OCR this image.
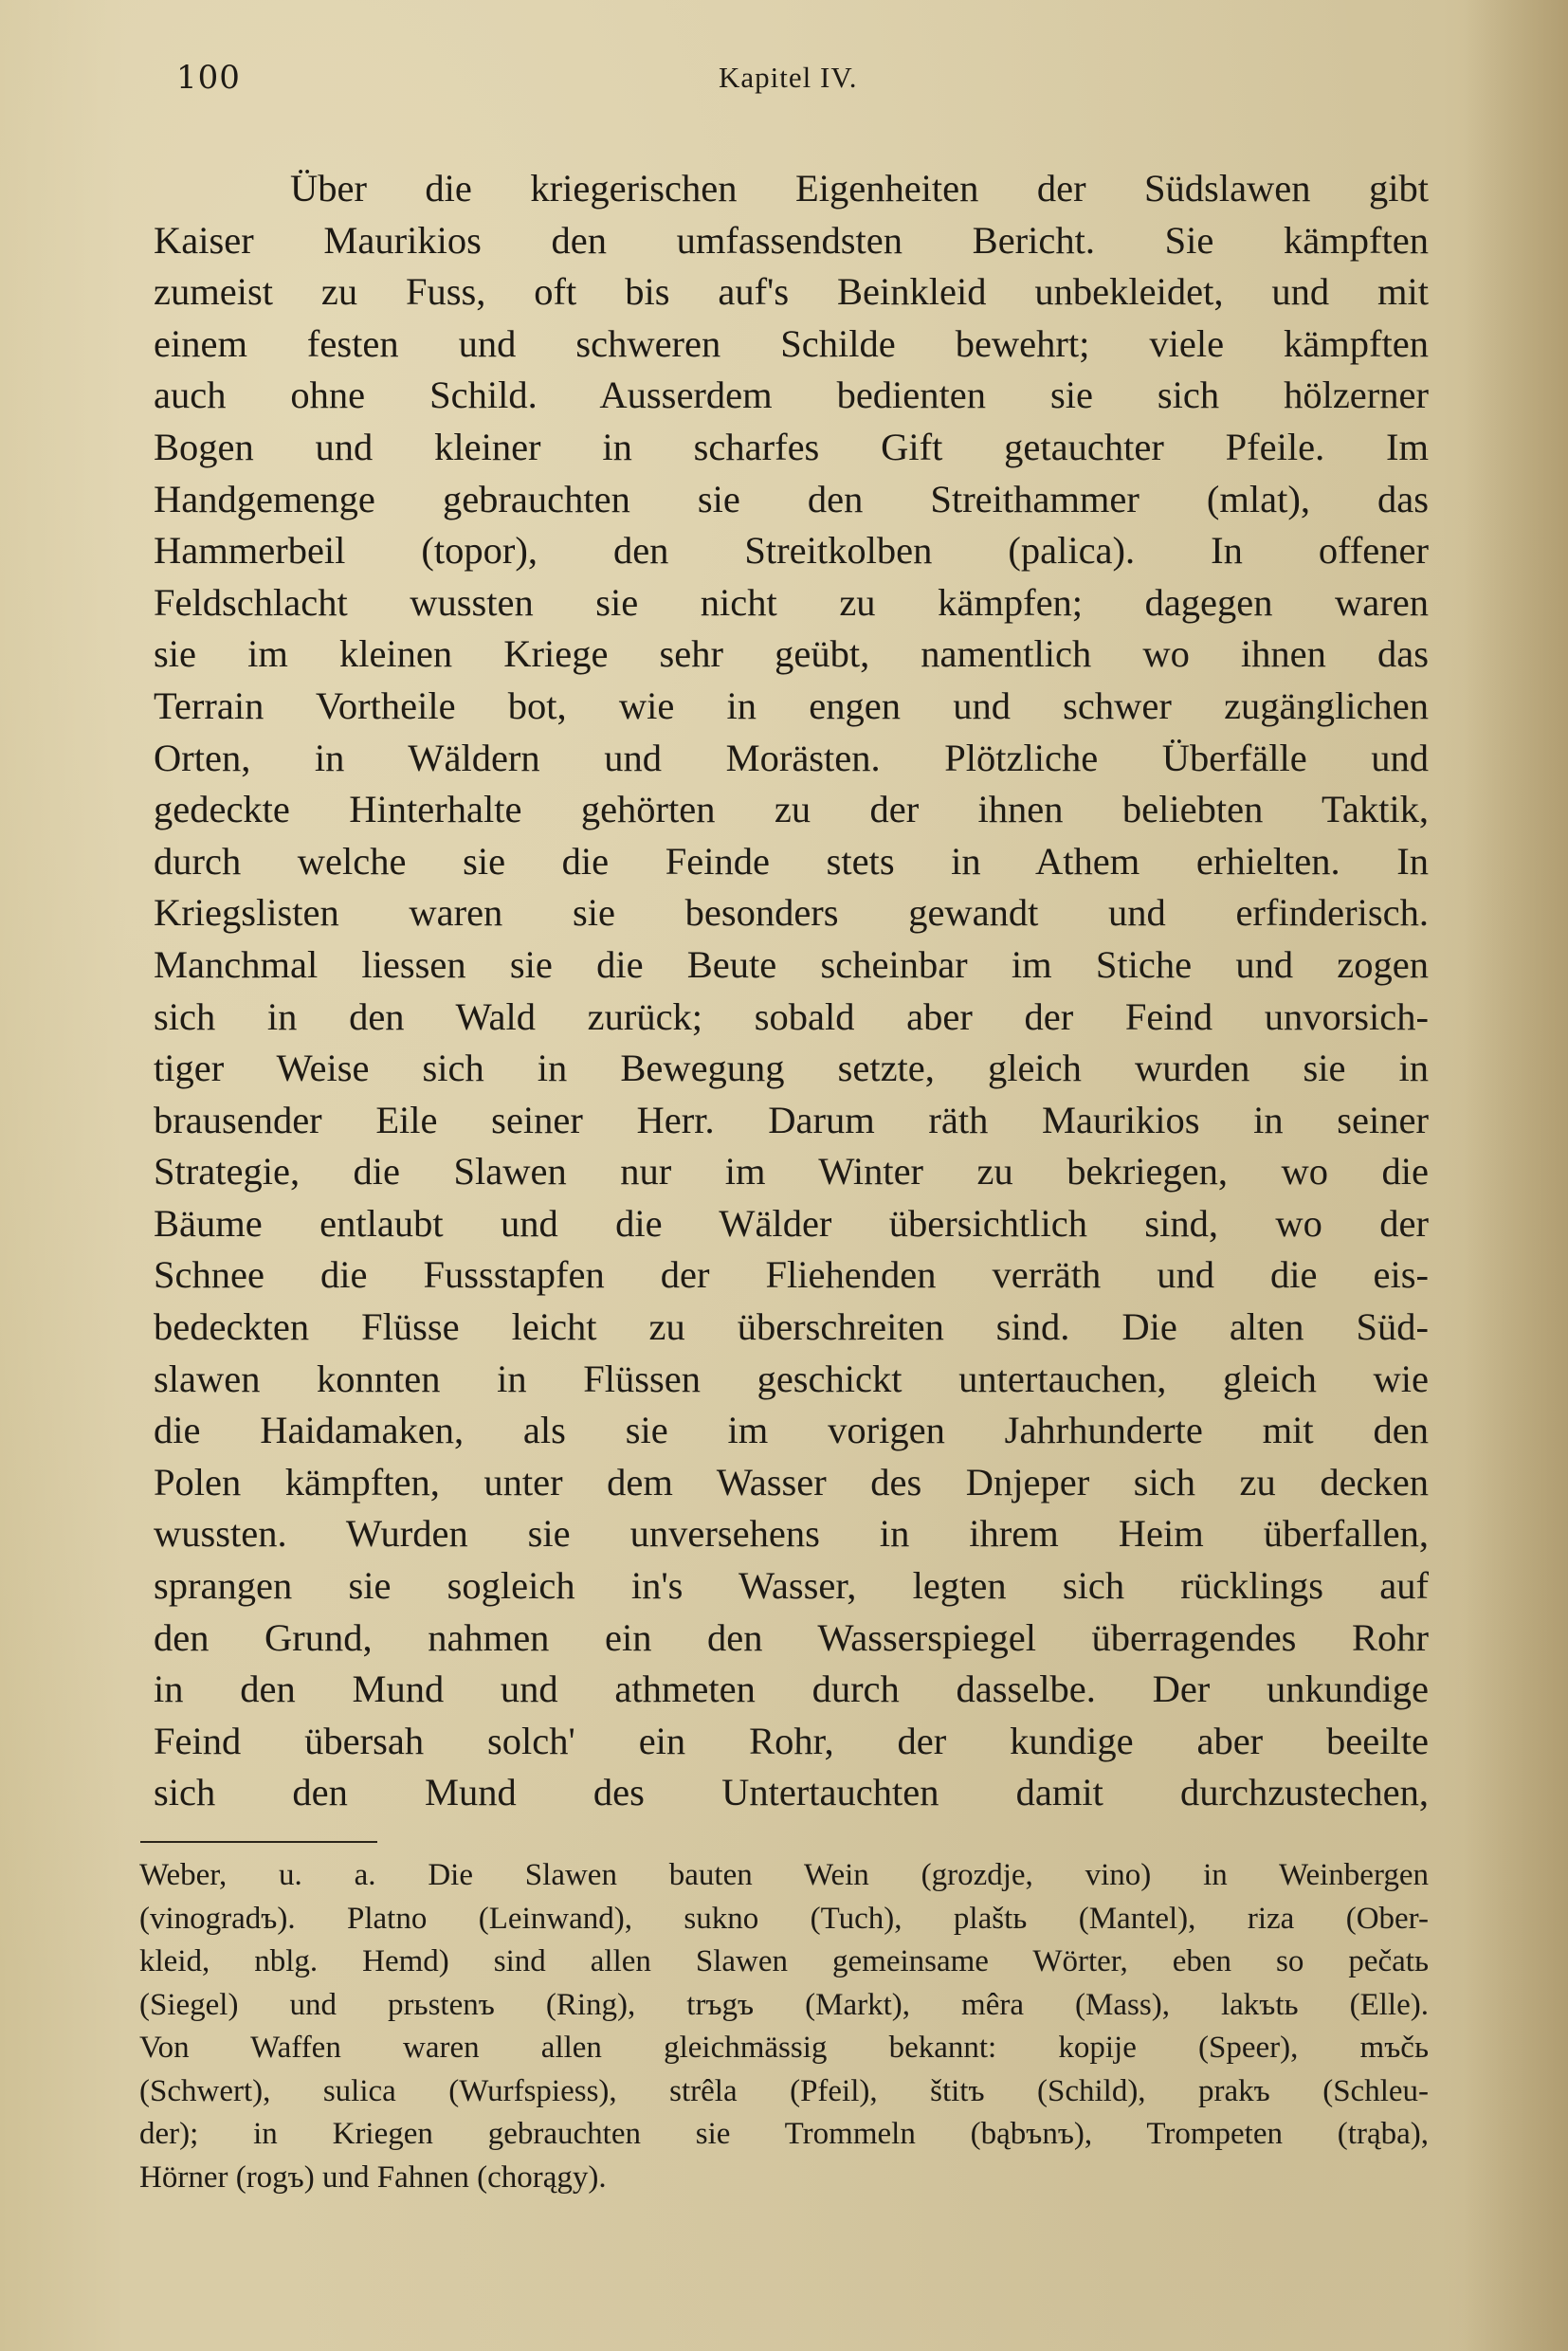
100	Kapitel IV.
Über die kriegerischen Eigenheiten der Südslawen gibt
Kaiser Maurikios den umfassendsten Bericht. Sie kämpften
zumeist zu Fuss, oft bis auf's Beinkleid unbekleidet, und mit
einem festen und schweren Schilde bewehrt; viele kämpften
auch ohne Schild. Ausserdem bedienten sie sich hölzerner
Bogen und kleiner in scharfes Gift getauchter Pfeile. Im
Handgemenge gebrauchten sie den Streithammer (mlat), das
Hammerbeil (topor), den Streitkolben (palica). In offener
Feldschlacht wussten sie nicht zu kämpfen; dagegen waren
sie im kleinen Kriege sehr geübt, namentlich wo ihnen das
Terrain Vortheile bot, wie in engen und schwer zugänglichen
Orten, in Wäldern und Morästen. Plötzliche Überfälle und
gedeckte Hinterhalte gehörten zu der ihnen beliebten Taktik,
durch welche sie die Feinde stets in Athem erhielten. In
Kriegslisten waren sie besonders gewandt und erfinderisch.
Manchmal liessen sie die Beute scheinbar im Stiche und zogen
sich in den Wald zurück; sobald aber der Feind unvorsich-
tiger Weise sich in Bewegung setzte, gleich wurden sie in
brausender Eile seiner Herr. Darum räth Maurikios in seiner
Strategie, die Slawen nur im Winter zu bekriegen, wo die
Bäume entlaubt und die Wälder übersichtlich sind, wo der
Schnee die Fussstapfen der Fliehenden verräth und die eis-
bedeckten Flüsse leicht zu überschreiten sind. Die alten Süd-
slawen konnten in Flüssen geschickt untertauchen, gleich wie
die Haidamaken, als sie im vorigen Jahrhunderte mit den
Polen kämpften, unter dem Wasser des Dnjeper sich zu decken
wussten. Wurden sie unversehens in ihrem Heim überfallen,
sprangen sie sogleich in's Wasser, legten sich rücklings auf
den Grund, nahmen ein den Wasserspiegel überragendes Rohr
in den Mund und athmeten durch dasselbe. Der unkundige
Feind übersah solch' ein Rohr, der kundige aber beeilte
sich den Mund des Untertauchten damit durchzustechen,
Weber, u. a. Die Slawen bauten Wein (grozdje, vino) in Weinbergen
(vinogradъ). Platno (Leinwand), sukno (Tuch), plaštь (Mantel), riza (Ober-
kleid, nblg. Hemd) sind allen Slawen gemeinsame Wörter, eben so pečatь
(Siegel) und prьstenъ (Ring), trъgъ (Markt), mêra (Mass), lakъtь (Elle).
Von Waffen waren allen gleichmässig bekannt: kopije (Speer), mъčь
(Schwert), sulica (Wurfspiess), strêla (Pfeil), štitъ (Schild), prakъ (Schleu-
der); in Kriegen gebrauchten sie Trommeln (bąbъnъ), Trompeten (trąba),
Hörner (rogъ) und Fahnen (chorągy).
